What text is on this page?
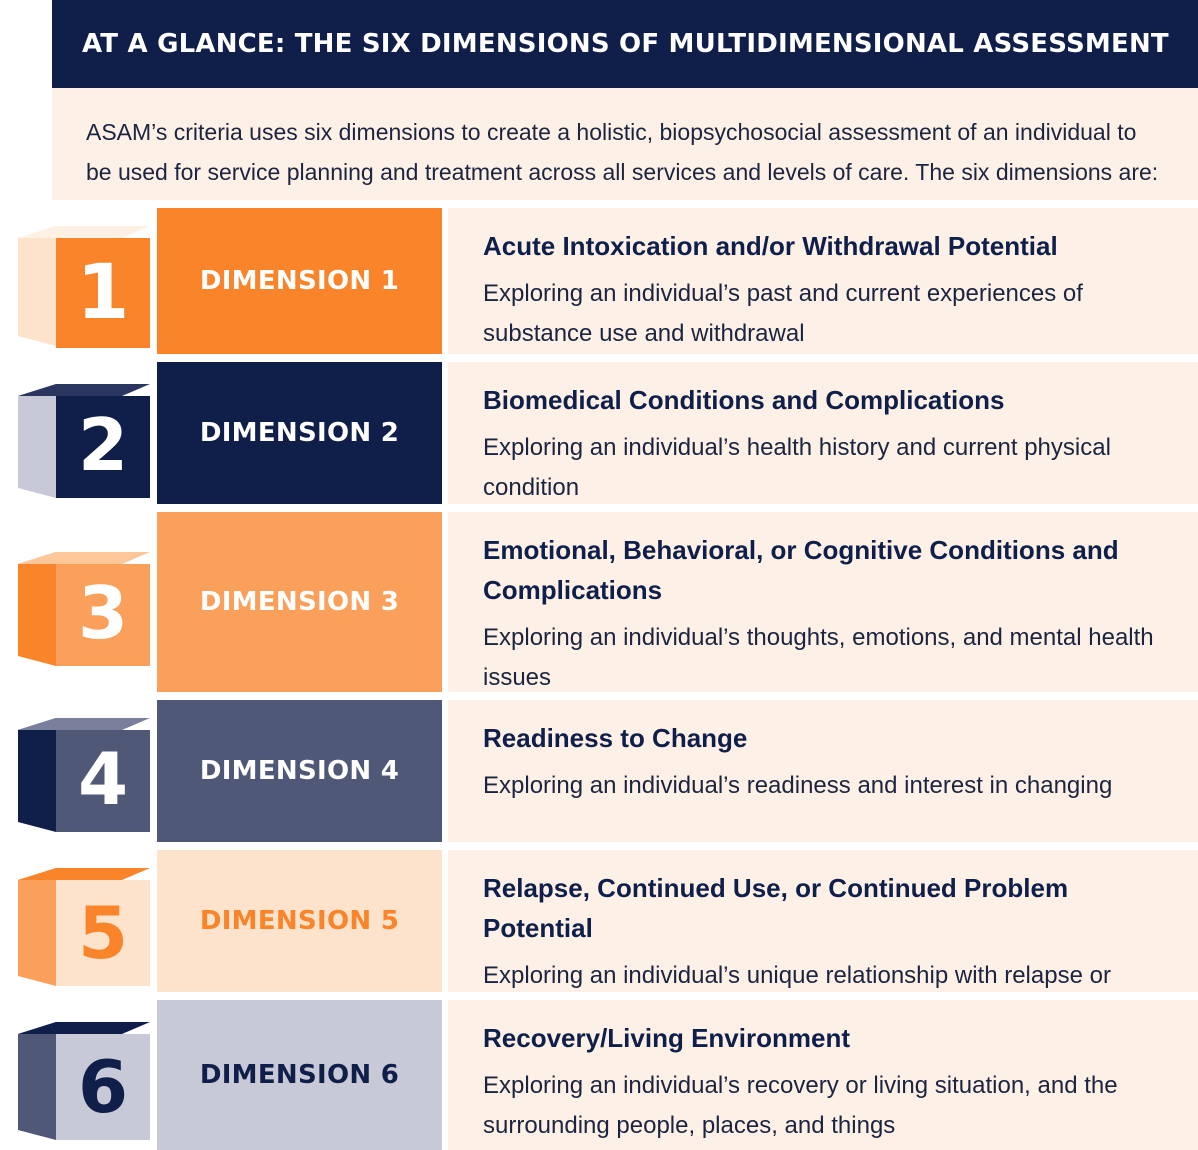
AT A GLANCE: THE SIX DIMENSIONS OF MULTIDIMENSIONAL ASSESSMENT
ASAM’s criteria uses six dimensions to create a holistic, biopsychosocial assessment of an individual to be used for service planning and treatment across all services and levels of care. The six dimensions are:
1	DIMENSION 1
Acute Intoxication and/or Withdrawal Potential
Exploring an individual’s past and current experiences of substance use and withdrawal
2	DIMENSION 2
Biomedical Conditions and Complications
Exploring an individual’s health history and current physical condition
3	DIMENSION 3
Emotional, Behavioral, or Cognitive Conditions and Complications
Exploring an individual’s thoughts, emotions, and mental health issues
4	DIMENSION 4
Readiness to Change
Exploring an individual’s readiness and interest in changing
5	DIMENSION 5
Relapse, Continued Use, or Continued Problem Potential
Exploring an individual’s unique relationship with relapse or
6	DIMENSION 6
Recovery/Living Environment
Exploring an individual’s recovery or living situation, and the surrounding people, places, and things
